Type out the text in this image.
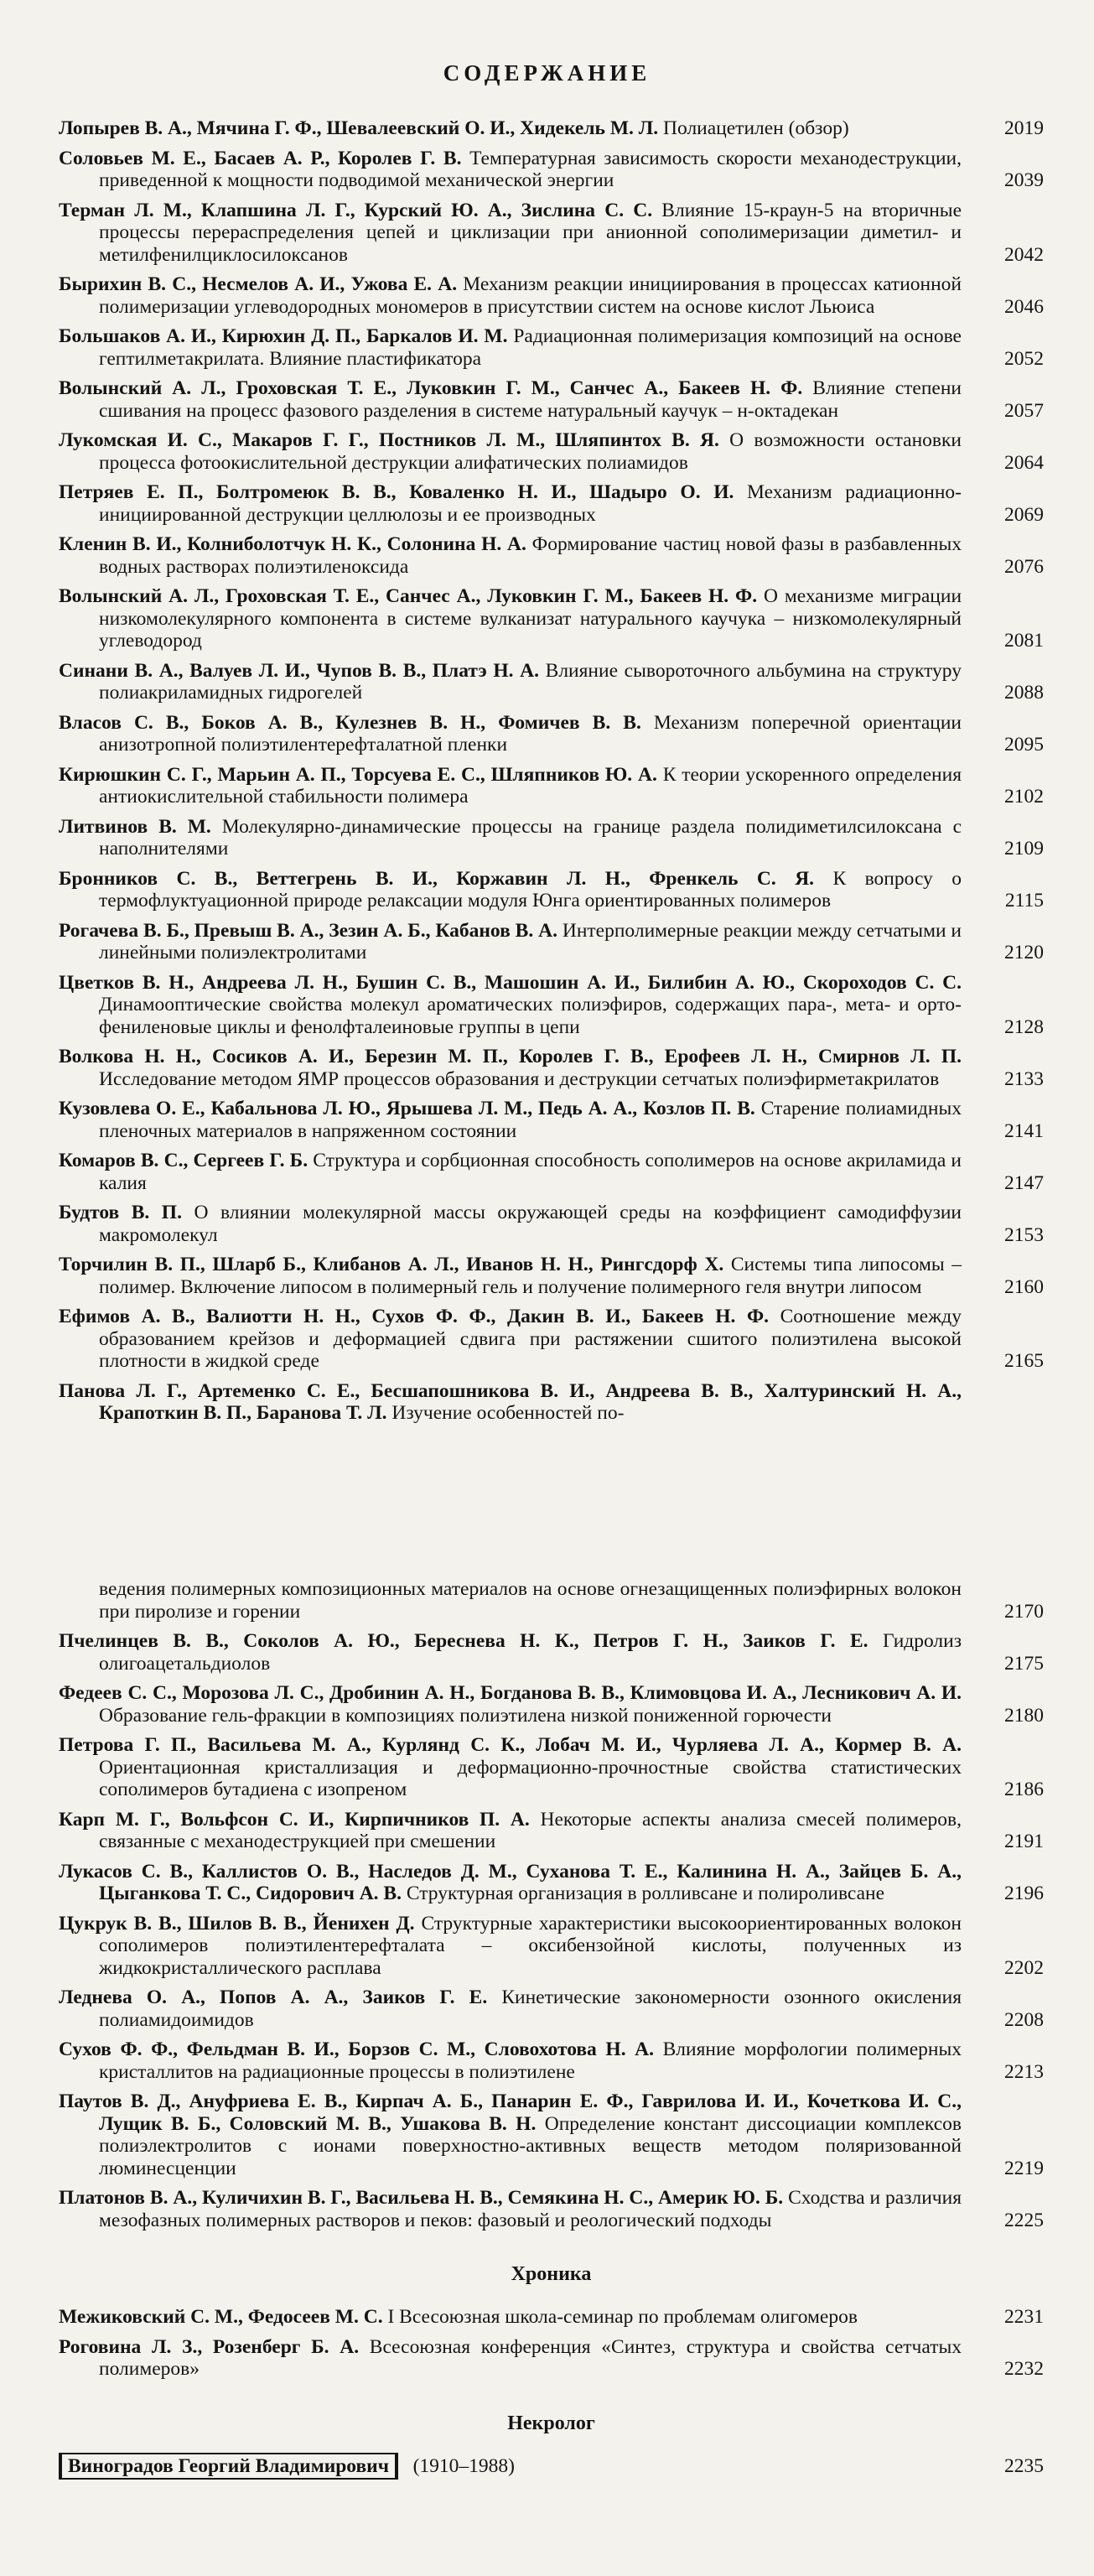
СОДЕРЖАНИЕ

Лопырев В. А., Мячина Г. Ф., Шевалеевский О. И., Хидекель М. Л. Полиацетилен (обзор)	2019

Соловьев М. Е., Басаев А. Р., Королев Г. В. Температурная зависимость скорости механодеструкции, приведенной к мощности подводимой механической энергии	2039

Терман Л. М., Клапшина Л. Г., Курский Ю. А., Зислина С. С. Влияние 15-краун-5 на вторичные процессы перераспределения цепей и циклизации при анионной сополимеризации диметил- и метилфенилциклосилоксанов	2042

Бырихин В. С., Несмелов А. И., Ужова Е. А. Механизм реакции инициирования в процессах катионной полимеризации углеводородных мономеров в присутствии систем на основе кислот Льюиса	2046

Большаков А. И., Кирюхин Д. П., Баркалов И. М. Радиационная полимеризация композиций на основе гептилметакрилата. Влияние пластификатора	2052

Волынский А. Л., Гроховская Т. Е., Луковкин Г. М., Санчес А., Бакеев Н. Ф. Влияние степени сшивания на процесс фазового разделения в системе натуральный каучук – н-октадекан	2057

Лукомская И. С., Макаров Г. Г., Постников Л. М., Шляпинтох В. Я. О возможности остановки процесса фотоокислительной деструкции алифатических полиамидов	2064

Петряев Е. П., Болтромеюк В. В., Коваленко Н. И., Шадыро О. И. Механизм радиационно-инициированной деструкции целлюлозы и ее производных	2069

Кленин В. И., Колниболотчук Н. К., Солонина Н. А. Формирование частиц новой фазы в разбавленных водных растворах полиэтиленоксида	2076

Волынский А. Л., Гроховская Т. Е., Санчес А., Луковкин Г. М., Бакеев Н. Ф. О механизме миграции низкомолекулярного компонента в системе вулканизат натурального каучука – низкомолекулярный углеводород	2081

Синани В. А., Валуев Л. И., Чупов В. В., Платэ Н. А. Влияние сывороточного альбумина на структуру полиакриламидных гидрогелей	2088

Власов С. В., Боков А. В., Кулезнев В. Н., Фомичев В. В. Механизм поперечной ориентации анизотропной полиэтилентерефталатной пленки	2095

Кирюшкин С. Г., Марьин А. П., Торсуева Е. С., Шляпников Ю. А. К теории ускоренного определения антиокислительной стабильности полимера	2102

Литвинов В. М. Молекулярно-динамические процессы на границе раздела полидиметилсилоксана с наполнителями	2109

Бронников С. В., Веттегрень В. И., Коржавин Л. Н., Френкель С. Я. К вопросу о термофлуктуационной природе релаксации модуля Юнга ориентированных полимеров	2115

Рогачева В. Б., Превыш В. А., Зезин А. Б., Кабанов В. А. Интерполимерные реакции между сетчатыми и линейными полиэлектролитами	2120

Цветков В. Н., Андреева Л. Н., Бушин С. В., Машошин А. И., Билибин А. Ю., Скороходов С. С. Динамооптические свойства молекул ароматических полиэфиров, содержащих пара-, мета- и орто-фениленовые циклы и фенолфталеиновые группы в цепи	2128

Волкова Н. Н., Сосиков А. И., Березин М. П., Королев Г. В., Ерофеев Л. Н., Смирнов Л. П. Исследование методом ЯМР процессов образования и деструкции сетчатых полиэфирметакрилатов	2133

Кузовлева О. Е., Кабальнова Л. Ю., Ярышева Л. М., Педь А. А., Козлов П. В. Старение полиамидных пленочных материалов в напряженном состоянии	2141

Комаров В. С., Сергеев Г. Б. Структура и сорбционная способность сополимеров на основе акриламида и калия	2147

Будтов В. П. О влиянии молекулярной массы окружающей среды на коэффициент самодиффузии макромолекул	2153

Торчилин В. П., Шларб Б., Клибанов А. Л., Иванов Н. Н., Рингсдорф Х. Системы типа липосомы – полимер. Включение липосом в полимерный гель и получение полимерного геля внутри липосом	2160

Ефимов А. В., Валиотти Н. Н., Сухов Ф. Ф., Дакин В. И., Бакеев Н. Ф. Соотношение между образованием крейзов и деформацией сдвига при растяжении сшитого полиэтилена высокой плотности в жидкой среде	2165

Панова Л. Г., Артеменко С. Е., Бесшапошникова В. И., Андреева В. В., Халтуринский Н. А., Крапоткин В. П., Баранова Т. Л. Изучение особенностей по-

ведения полимерных композиционных материалов на основе огнезащищенных полиэфирных волокон при пиролизе и горении	2170

Пчелинцев В. В., Соколов А. Ю., Береснева Н. К., Петров Г. Н., Заиков Г. Е. Гидролиз олигоацетальдиолов	2175

Федеев С. С., Морозова Л. С., Дробинин А. Н., Богданова В. В., Климовцова И. А., Лесникович А. И. Образование гель-фракции в композициях полиэтилена низкой пониженной горючести	2180

Петрова Г. П., Васильева М. А., Курлянд С. К., Лобач М. И., Чурляева Л. А., Кормер В. А. Ориентационная кристаллизация и деформационно-прочностные свойства статистических сополимеров бутадиена с изопреном	2186

Карп М. Г., Вольфсон С. И., Кирпичников П. А. Некоторые аспекты анализа смесей полимеров, связанные с механодеструкцией при смешении	2191

Лукасов С. В., Каллистов О. В., Наследов Д. М., Суханова Т. Е., Калинина Н. А., Зайцев Б. А., Цыганкова Т. С., Сидорович А. В. Структурная организация в ролливсане и полироливсане	2196

Цукрук В. В., Шилов В. В., Йенихен Д. Структурные характеристики высокоориентированных волокон сополимеров полиэтилентерефталата – оксибензойной кислоты, полученных из жидкокристаллического расплава	2202

Леднева О. А., Попов А. А., Заиков Г. Е. Кинетические закономерности озонного окисления полиамидоимидов	2208

Сухов Ф. Ф., Фельдман В. И., Борзов С. М., Словохотова Н. А. Влияние морфологии полимерных кристаллитов на радиационные процессы в полиэтилене	2213

Паутов В. Д., Ануфриева Е. В., Кирпач А. Б., Панарин Е. Ф., Гаврилова И. И., Кочеткова И. С., Лущик В. Б., Соловский М. В., Ушакова В. Н. Определение констант диссоциации комплексов полиэлектролитов с ионами поверхностно-активных веществ методом поляризованной люминесценции	2219

Платонов В. А., Куличихин В. Г., Васильева Н. В., Семякина Н. С., Америк Ю. Б. Сходства и различия мезофазных полимерных растворов и пеков: фазовый и реологический подходы	2225
Хроника

Межиковский С. М., Федосеев М. С. I Всесоюзная школа-семинар по проблемам олигомеров	2231

Роговина Л. З., Розенберг Б. А. Всесоюзная конференция «Синтез, структура и свойства сетчатых полимеров»	2232
Некролог

Виноградов Георгий Владимирович (1910–1988)	2235
